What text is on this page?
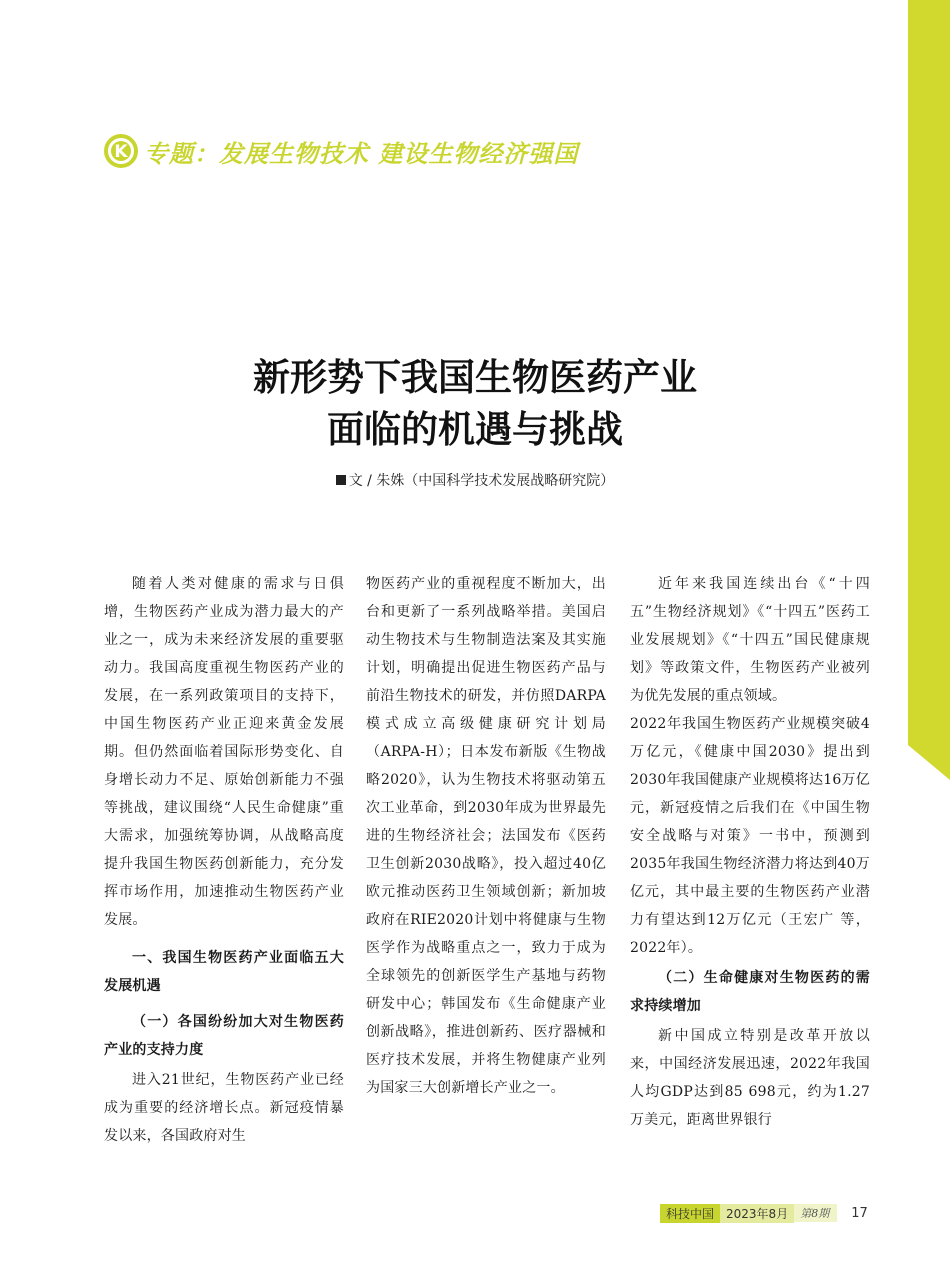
K 专题：发展生物技术 建设生物经济强国
新形势下我国生物医药产业
面临的机遇与挑战
文 / 朱姝（中国科学技术发展战略研究院）

随着人类对健康的需求与日俱增，生物医药产业成为潜力最大的产业之一，成为未来经济发展的重要驱动力。我国高度重视生物医药产业的发展，在一系列政策项目的支持下，中国生物医药产业正迎来黄金发展期。但仍然面临着国际形势变化、自身增长动力不足、原始创新能力不强等挑战，建议围绕“人民生命健康”重大需求，加强统筹协调，从战略高度提升我国生物医药创新能力，充分发挥市场作用，加速推动生物医药产业发展。

一、我国生物医药产业面临五大发展机遇
（一）各国纷纷加大对生物医药产业的支持力度

进入21世纪，生物医药产业已经成为重要的经济增长点。新冠疫情暴发以来，各国政府对生

物医药产业的重视程度不断加大，出台和更新了一系列战略举措。美国启动生物技术与生物制造法案及其实施计划，明确提出促进生物医药产品与前沿生物技术的研发，并仿照DARPA模式成立高级健康研究计划局（ARPA-H）；日本发布新版《生物战略2020》，认为生物技术将驱动第五次工业革命，到2030年成为世界最先进的生物经济社会；法国发布《医药卫生创新2030战略》，投入超过40亿欧元推动医药卫生领域创新；新加坡政府在RIE2020计划中将健康与生物医学作为战略重点之一，致力于成为全球领先的创新医学生产基地与药物研发中心；韩国发布《生命健康产业创新战略》，推进创新药、医疗器械和医疗技术发展，并将生物健康产业列为国家三大创新增长产业之一。

近年来我国连续出台《“十四五”生物经济规划》《“十四五”医药工业发展规划》《“十四五”国民健康规划》等政策文件，生物医药产业被列为优先发展的重点领域。

2022年我国生物医药产业规模突破4万亿元，《健康中国2030》提出到2030年我国健康产业规模将达16万亿元，新冠疫情之后我们在《中国生物安全战略与对策》一书中，预测到2035年我国生物经济潜力将达到40万亿元，其中最主要的生物医药产业潜力有望达到12万亿元（王宏广 等，2022年）。

（二）生命健康对生物医药的需求持续增加

新中国成立特别是改革开放以来，中国经济发展迅速，2022年我国人均GDP达到85 698元，约为1.27万美元，距离世界银行

科技中国	2023年8月	第8期	17
